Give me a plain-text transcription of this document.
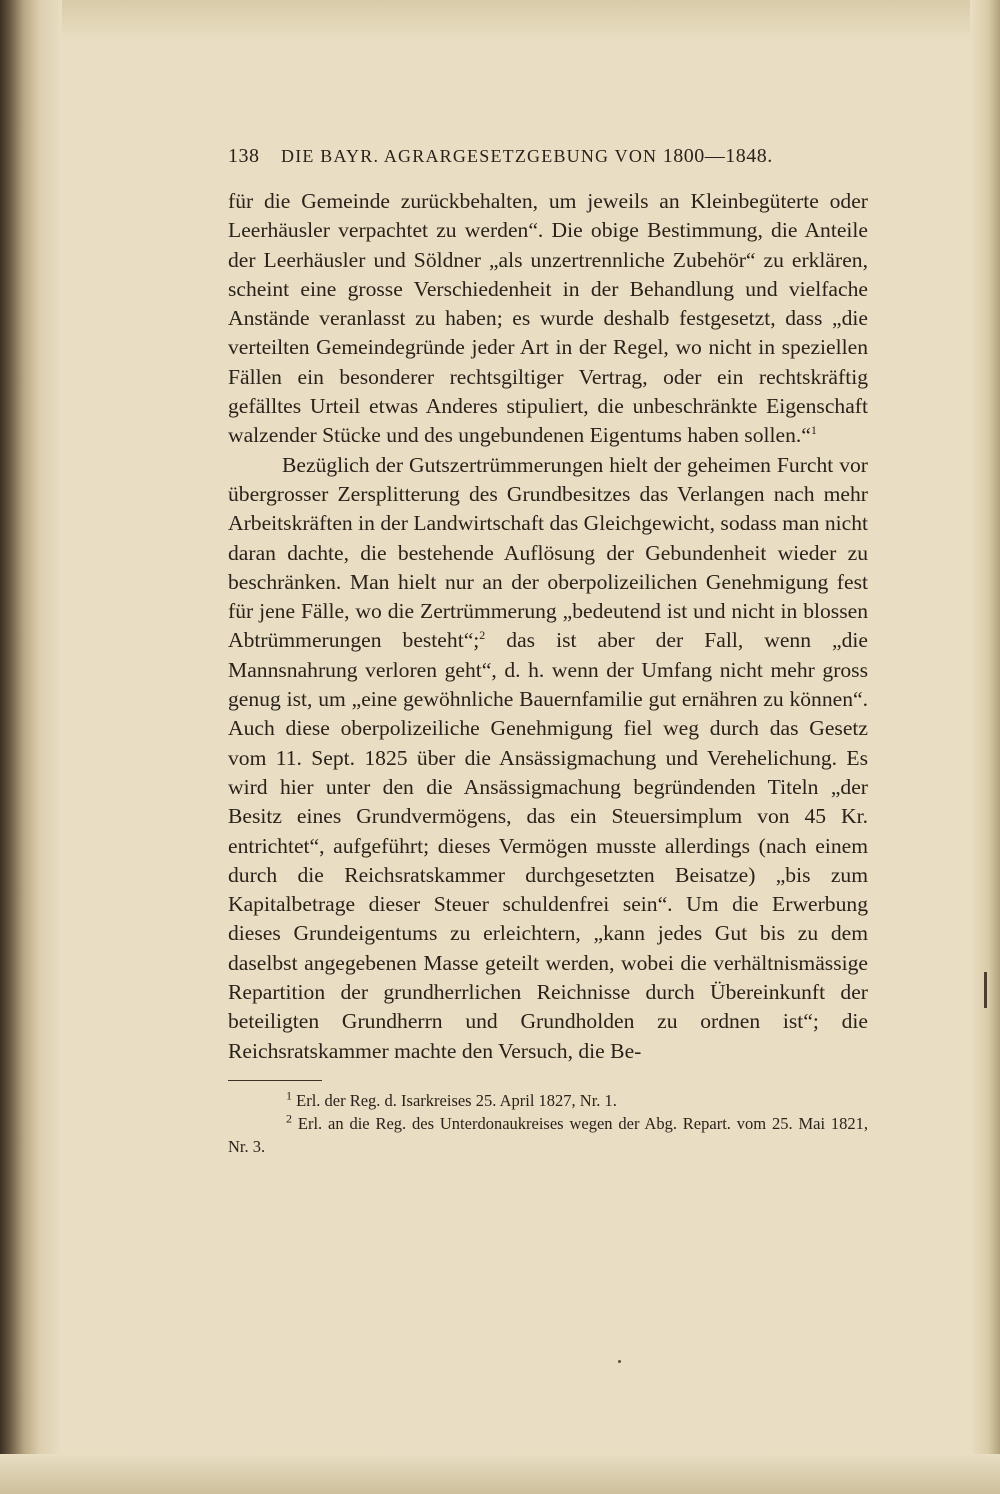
138 DIE BAYR. AGRARGESETZGEBUNG VON 1800—1848.

für die Gemeinde zurückbehalten, um jeweils an Kleinbegüterte oder Leerhäusler verpachtet zu werden“. Die obige Bestimmung, die Anteile der Leerhäusler und Söldner „als unzertrennliche Zubehör“ zu erklären, scheint eine grosse Verschiedenheit in der Behandlung und vielfache Anstände veranlasst zu haben; es wurde deshalb festgesetzt, dass „die verteilten Gemeindegründe jeder Art in der Regel, wo nicht in speziellen Fällen ein besonderer rechtsgiltiger Vertrag, oder ein rechtskräftig gefälltes Urteil etwas Anderes stipuliert, die unbeschränkte Eigenschaft walzender Stücke und des ungebundenen Eigentums haben sollen.“$^1$

Bezüglich der Gutszertrümmerungen hielt der geheimen Furcht vor übergrosser Zersplitterung des Grundbesitzes das Verlangen nach mehr Arbeitskräften in der Landwirtschaft das Gleichgewicht, sodass man nicht daran dachte, die bestehende Auflösung der Gebundenheit wieder zu beschränken. Man hielt nur an der oberpolizeilichen Genehmigung fest für jene Fälle, wo die Zertrümmerung „bedeutend ist und nicht in blossen Abtrümmerungen besteht“;$^2$ das ist aber der Fall, wenn „die Mannsnahrung verloren geht“, d. h. wenn der Umfang nicht mehr gross genug ist, um „eine gewöhnliche Bauernfamilie gut ernähren zu können“. Auch diese oberpolizeiliche Genehmigung fiel weg durch das Gesetz vom 11. Sept. 1825 über die Ansässigmachung und Verehelichung. Es wird hier unter den die Ansässigmachung begründenden Titeln „der Besitz eines Grundvermögens, das ein Steuersimplum von 45 Kr. entrichtet“, aufgeführt; dieses Vermögen musste allerdings (nach einem durch die Reichsratskammer durchgesetzten Beisatze) „bis zum Kapitalbetrage dieser Steuer schuldenfrei sein“. Um die Erwerbung dieses Grundeigentums zu erleichtern, „kann jedes Gut bis zu dem daselbst angegebenen Masse geteilt werden, wobei die verhältnismässige Repartition der grundherrlichen Reichnisse durch Übereinkunft der beteiligten Grundherrn und Grundholden zu ordnen ist“; die Reichsratskammer machte den Versuch, die Be-

$^1$ Erl. der Reg. d. Isarkreises 25. April 1827, Nr. 1.

$^2$ Erl. an die Reg. des Unterdonaukreises wegen der Abg. Repart. vom 25. Mai 1821, Nr. 3.
